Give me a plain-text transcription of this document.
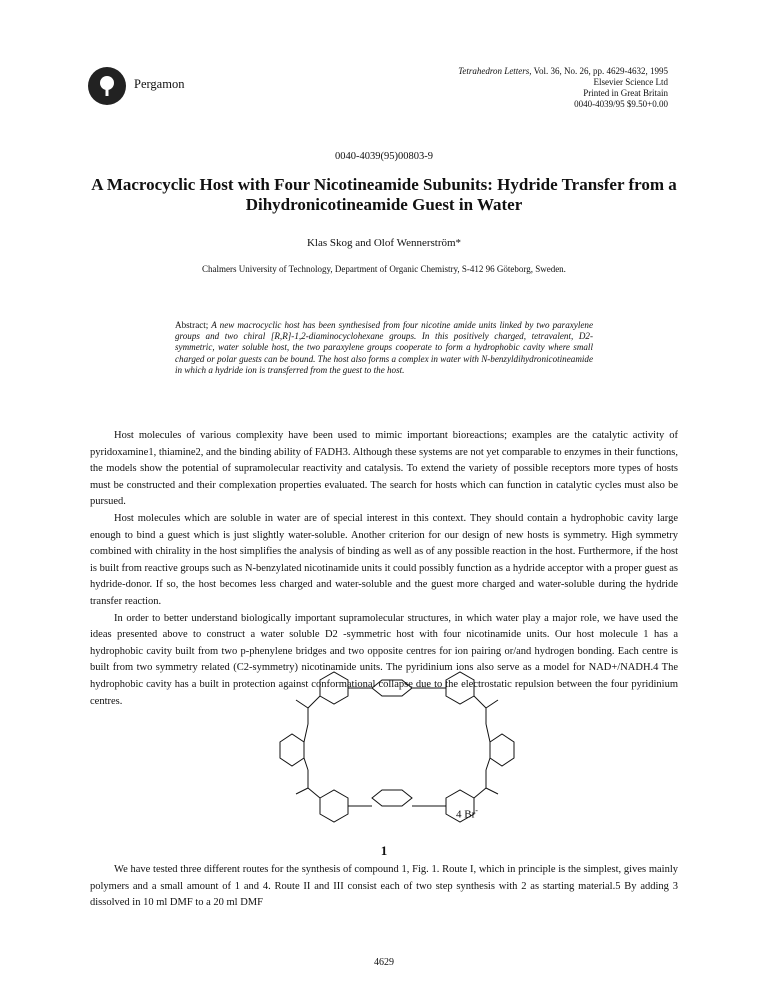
Pergamon
Tetrahedron Letters, Vol. 36, No. 26, pp. 4629-4632, 1995
Elsevier Science Ltd
Printed in Great Britain
0040-4039/95 $9.50+0.00
0040-4039(95)00803-9
A Macrocyclic Host with Four Nicotineamide Subunits: Hydride Transfer from a Dihydronicotineamide Guest in Water
Klas Skog and Olof Wennerström*
Chalmers University of Technology, Department of Organic Chemistry, S-412 96 Göteborg, Sweden.
Abstract; A new macrocyclic host has been synthesised from four nicotine amide units linked by two paraxylene groups and two chiral [R,R]-1,2-diaminocyclohexane groups. In this positively charged, tetravalent, D2-symmetric, water soluble host, the two paraxylene groups cooperate to form a hydrophobic cavity where small charged or polar guests can be bound. The host also forms a complex in water with N-benzyldihydronicotineamide in which a hydride ion is transferred from the guest to the host.

Host molecules of various complexity have been used to mimic important bioreactions; examples are the catalytic activity of pyridoxamine1, thiamine2, and the binding ability of FADH3. Although these systems are not yet comparable to enzymes in their functions, the models show the potential of supramolecular reactivity and catalysis. To extend the variety of possible receptors more types of hosts must be constructed and their complexation properties evaluated. The search for hosts which can function in catalytic cycles must also be pursued.

Host molecules which are soluble in water are of special interest in this context. They should contain a hydrophobic cavity large enough to bind a guest which is just slightly water-soluble. Another criterion for our design of new hosts is symmetry. High symmetry combined with chirality in the host simplifies the analysis of binding as well as of any possible reaction in the host. Furthermore, if the host is built from reactive groups such as N-benzylated nicotinamide units it could possibly function as a hydride acceptor with a proper guest as hydride-donor. If so, the host becomes less charged and water-soluble and the guest more charged and water-soluble during the hydride transfer reaction.

In order to better understand biologically important supramolecular structures, in which water play a major role, we have used the ideas presented above to construct a water soluble D2 -symmetric host with four nicotinamide units. Our host molecule 1 has a hydrophobic cavity built from two p-phenylene bridges and two opposite centres for ion pairing or/and hydrogen bonding. Each centre is built from two symmetry related (C2-symmetry) nicotinamide units. The pyridinium ions also serve as a model for NAD+/NADH.4 The hydrophobic cavity has a built in protection against conformational collapse due to the electrostatic repulsion between the four pyridinium centres.

4 Br-
1

We have tested three different routes for the synthesis of compound 1, Fig. 1. Route I, which in principle is the simplest, gives mainly polymers and a small amount of 1 and 4. Route II and III consist each of two step synthesis with 2 as starting material.5 By adding 3 dissolved in 10 ml DMF to a 20 ml DMF

4629
